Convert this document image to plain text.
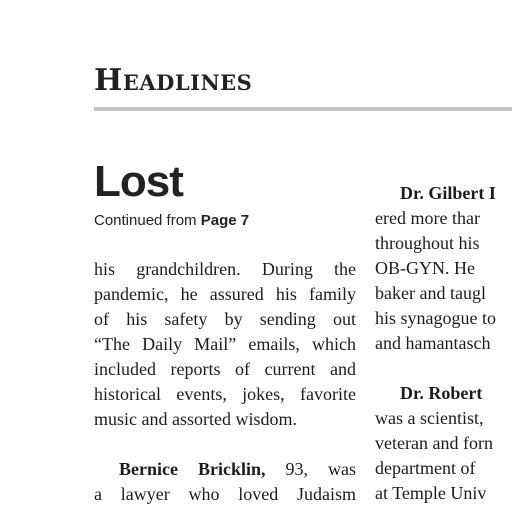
Headlines
Lost
Continued from Page 7
his grandchildren. During the
pandemic, he assured his family
of his safety by sending out
“The Daily Mail” emails, which
included reports of current and
historical events, jokes, favorite
music and assorted wisdom.
Bernice Bricklin, 93, was
a lawyer who loved Judaism
Dr. Gilbert I
ered more thar
throughout his
OB-GYN. He
baker and taugl
his synagogue to
and hamantasch
Dr. Robert
was a scientist,
veteran and forn
department of
at Temple Univ
